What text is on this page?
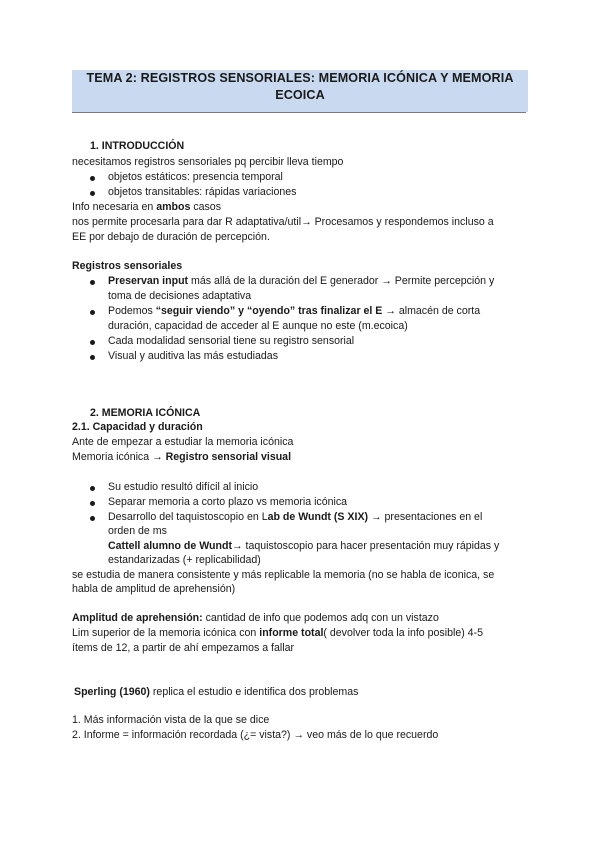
TEMA 2: REGISTROS SENSORIALES: MEMORIA ICÓNICA Y MEMORIA
ECOICA
1. INTRODUCCIÓN
necesitamos registros sensoriales pq percibir lleva tiempo
objetos estáticos: presencia temporal
objetos transitables: rápidas variaciones
Info necesaria en ambos casos
nos permite procesarla para dar R adaptativa/util→ Procesamos y respondemos incluso a
EE por debajo de duración de percepción.
Registros sensoriales
Preservan input más allá de la duración del E generador → Permite percepción y
toma de decisiones adaptativa
Podemos “seguir viendo” y “oyendo” tras finalizar el E → almacén de corta
duración, capacidad de acceder al E aunque no este (m.ecoica)
Cada modalidad sensorial tiene su registro sensorial
Visual y auditiva las más estudiadas
2. MEMORIA ICÓNICA
2.1. Capacidad y duración
Ante de empezar a estudiar la memoria icónica
Memoria icónica → Registro sensorial visual
Su estudio resultó difícil al inicio
Separar memoria a corto plazo vs memoria icónica
Desarrollo del taquistoscopio en Lab de Wundt (S XIX) → presentaciones en el
orden de ms
Cattell alumno de Wundt→ taquistoscopio para hacer presentación muy rápidas y
estandarizadas (+ replicabilidad)
se estudia de manera consistente y más replicable la memoria (no se habla de iconica, se
habla de amplitud de aprehensión)
Amplitud de aprehensión: cantidad de info que podemos adq con un vistazo
Lim superior de la memoria icónica con informe total( devolver toda la info posible) 4-5
ítems de 12, a partir de ahí empezamos a fallar
Sperling (1960) replica el estudio e identifica dos problemas
1. Más información vista de la que se dice
2. Informe = información recordada (¿= vista?) → veo más de lo que recuerdo
